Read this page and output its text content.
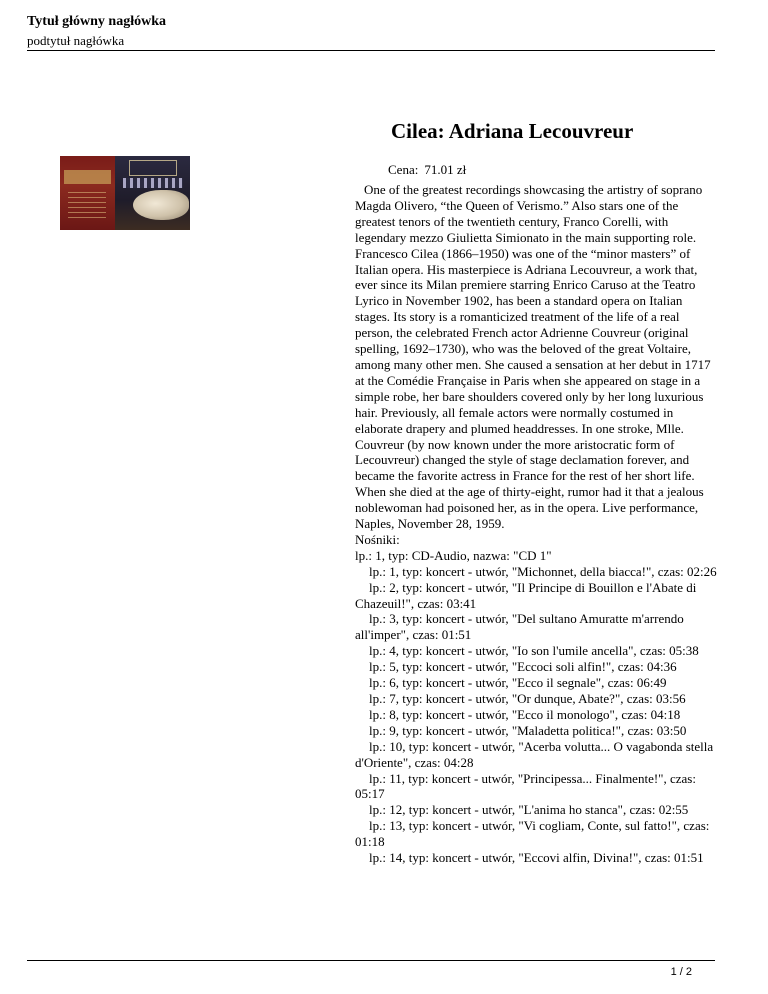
Tytuł główny nagłówka
podtytuł nagłówka
Cilea: Adriana Lecouvreur
Cena: 71.01 zł

One of the greatest recordings showcasing the artistry of soprano Magda Olivero, “the Queen of Verismo.” Also stars one of the greatest tenors of the twentieth century, Franco Corelli, with legendary mezzo Giulietta Simionato in the main supporting role. Francesco Cilea (1866–1950) was one of the “minor masters” of Italian opera. His masterpiece is Adriana Lecouvreur, a work that, ever since its Milan premiere starring Enrico Caruso at the Teatro Lyrico in November 1902, has been a standard opera on Italian stages. Its story is a romanticized treatment of the life of a real person, the celebrated French actor Adrienne Couvreur (original spelling, 1692–1730), who was the beloved of the great Voltaire, among many other men. She caused a sensation at her debut in 1717 at the Comédie Française in Paris when she appeared on stage in a simple robe, her bare shoulders covered only by her long luxurious hair. Previously, all female actors were normally costumed in elaborate drapery and plumed headdresses. In one stroke, Mlle. Couvreur (by now known under the more aristocratic form of Lecouvreur) changed the style of stage declamation forever, and became the favorite actress in France for the rest of her short life. When she died at the age of thirty-eight, rumor had it that a jealous noblewoman had poisoned her, as in the opera. Live performance, Naples, November 28, 1959.

Nośniki:

lp.: 1, typ: CD-Audio, nazwa: "CD 1"

lp.: 1, typ: koncert - utwór, "Michonnet, della biacca!", czas: 02:26
lp.: 2, typ: koncert - utwór, "Il Principe di Bouillon e l'Abate di Chazeuil!", czas: 03:41
lp.: 3, typ: koncert - utwór, "Del sultano Amuratte m'arrendo all'imper", czas: 01:51
lp.: 4, typ: koncert - utwór, "Io son l'umile ancella", czas: 05:38
lp.: 5, typ: koncert - utwór, "Eccoci soli alfin!", czas: 04:36
lp.: 6, typ: koncert - utwór, "Ecco il segnale", czas: 06:49
lp.: 7, typ: koncert - utwór, "Or dunque, Abate?", czas: 03:56
lp.: 8, typ: koncert - utwór, "Ecco il monologo", czas: 04:18
lp.: 9, typ: koncert - utwór, "Maladetta politica!", czas: 03:50
lp.: 10, typ: koncert - utwór, "Acerba volutta... O vagabonda stella d'Oriente", czas: 04:28
lp.: 11, typ: koncert - utwór, "Principessa... Finalmente!", czas: 05:17
lp.: 12, typ: koncert - utwór, "L'anima ho stanca", czas: 02:55
lp.: 13, typ: koncert - utwór, "Vi cogliam, Conte, sul fatto!", czas: 01:18
lp.: 14, typ: koncert - utwór, "Eccovi alfin, Divina!", czas: 01:51
1 / 2
